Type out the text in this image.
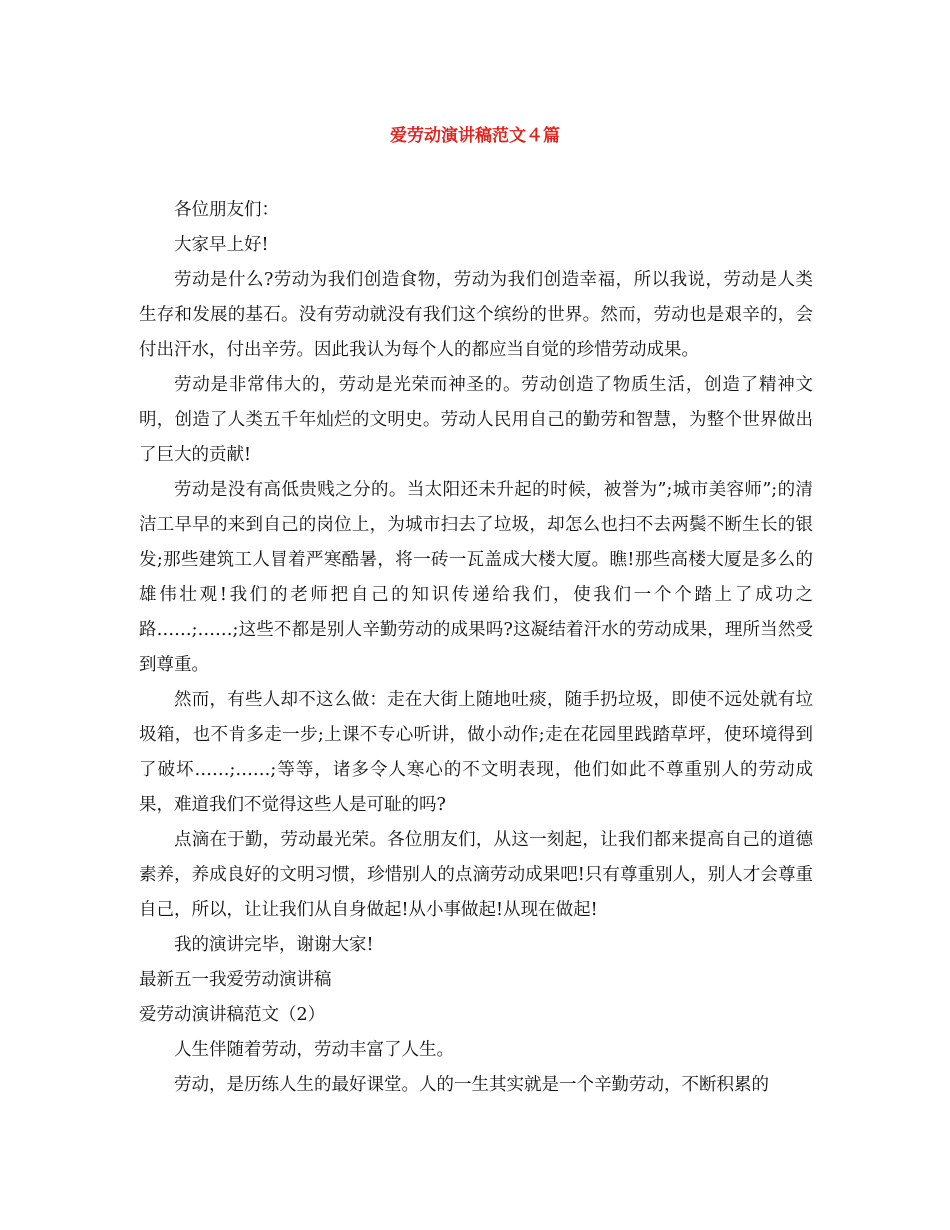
爱劳动演讲稿范文４篇

各位朋友们：

大家早上好!

劳动是什么?劳动为我们创造食物，劳动为我们创造幸福，所以我说，劳动是人类生存和发展的基石。没有劳动就没有我们这个缤纷的世界。然而，劳动也是艰辛的，会付出汗水，付出辛劳。因此我认为每个人的都应当自觉的珍惜劳动成果。

劳动是非常伟大的，劳动是光荣而神圣的。劳动创造了物质生活，创造了精神文明，创造了人类五千年灿烂的文明史。劳动人民用自己的勤劳和智慧，为整个世界做出了巨大的贡献!

劳动是没有高低贵贱之分的。当太阳还未升起的时候，被誉为”;城市美容师”;的清洁工早早的来到自己的岗位上，为城市扫去了垃圾，却怎么也扫不去两鬓不断生长的银发;那些建筑工人冒着严寒酷暑，将一砖一瓦盖成大楼大厦。瞧!那些高楼大厦是多么的雄伟壮观!我们的老师把自己的知识传递给我们，使我们一个个踏上了成功之路……;……;这些不都是别人辛勤劳动的成果吗?这凝结着汗水的劳动成果，理所当然受到尊重。

然而，有些人却不这么做：走在大街上随地吐痰，随手扔垃圾，即使不远处就有垃圾箱，也不肯多走一步;上课不专心听讲，做小动作;走在花园里践踏草坪，使环境得到了破坏……;……;等等，诸多令人寒心的不文明表现，他们如此不尊重别人的劳动成果，难道我们不觉得这些人是可耻的吗?

点滴在于勤，劳动最光荣。各位朋友们，从这一刻起，让我们都来提高自己的道德素养，养成良好的文明习惯，珍惜别人的点滴劳动成果吧!只有尊重别人，别人才会尊重自己，所以，让让我们从自身做起!从小事做起!从现在做起!

我的演讲完毕，谢谢大家!

最新五一我爱劳动演讲稿

爱劳动演讲稿范文（2）

人生伴随着劳动，劳动丰富了人生。

劳动，是历练人生的最好课堂。人的一生其实就是一个辛勤劳动，不断积累的
